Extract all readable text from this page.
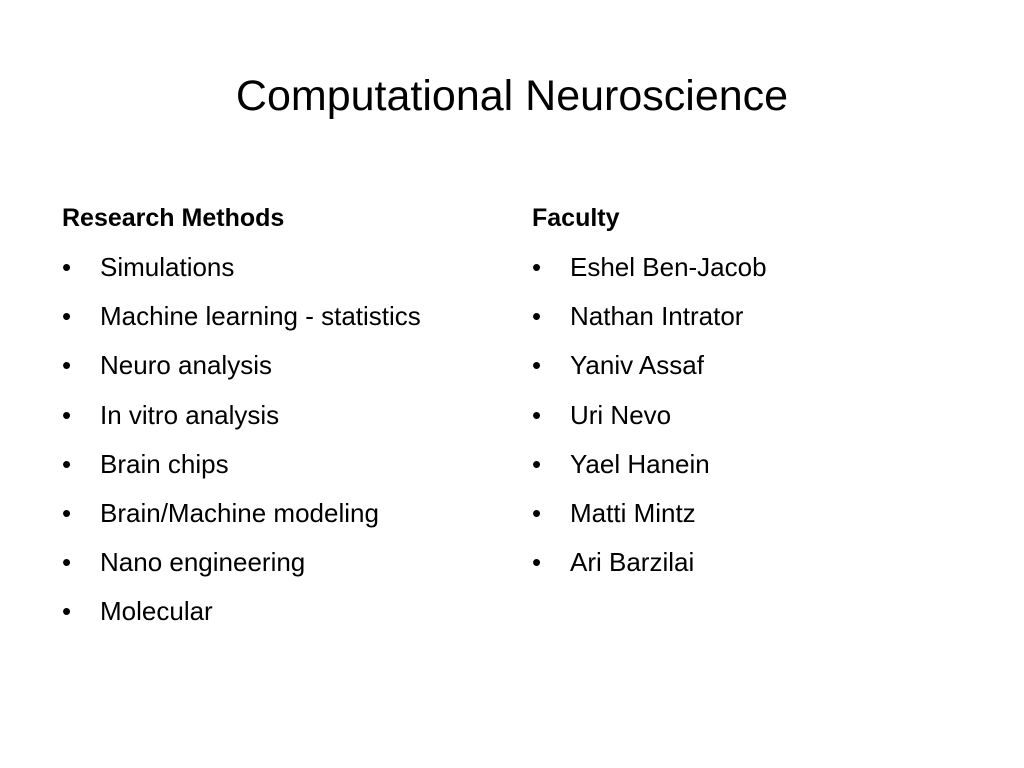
Computational Neuroscience
Research Methods
• Simulations
• Machine learning - statistics
• Neuro analysis
• In vitro analysis
• Brain chips
• Brain/Machine modeling
• Nano engineering
• Molecular
Faculty
• Eshel Ben-Jacob
• Nathan Intrator
• Yaniv Assaf
• Uri Nevo
• Yael Hanein
• Matti Mintz
• Ari Barzilai
